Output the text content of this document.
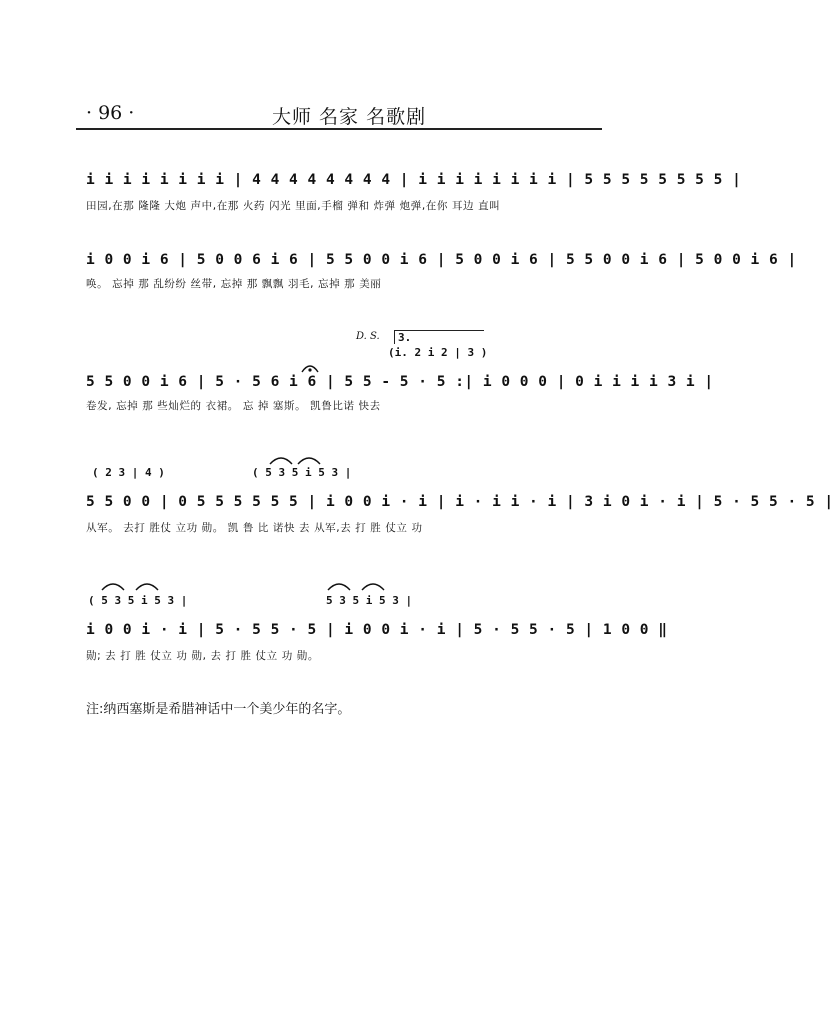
· 96 ·	大师 名家 名歌剧
i i i i i i i i | 4 4 4 4 4 4 4 4 | i i i i i i i i | 5 5 5 5 5 5 5 5 |
田园,在那 隆隆 大炮 声中,在那 火药 闪光 里面,手榴 弹和 炸弹 炮弹,在你 耳边 直叫
i 0 0 i 6 | 5 0 0 6 i 6 | 5 5 0 0 i 6 | 5 0 0 i 6 | 5 5 0 0 i 6 | 5 0 0 i 6 |
唤。 忘掉 那 乱纷纷 丝带, 忘掉 那 飘飘 羽毛, 忘掉 那 美丽
D. S.	3.
(i. 2 i 2 | 3 )
5 5 0 0 i 6 | 5 · 5 6 i 6 | 5 5 - 5 · 5 :| i 0 0 0 | 0 i i i i 3 i |
卷发, 忘掉 那 些灿烂的 衣裙。 忘 掉 塞斯。 凯鲁比诺 快去
( 2 3 | 4 )	( 5 3 5 i 5 3 |
5 5 0 0 | 0 5 5 5 5 5 5 | i 0 0 i · i | i · i i · i | 3 i 0 i · i | 5 · 5 5 · 5 |
从军。 去打 胜仗 立功 勋。 凯 鲁 比 诺快 去 从军,去 打 胜 仗立 功
( 5 3 5 i 5 3 |	5 3 5 i 5 3 |
i 0 0 i · i | 5 · 5 5 · 5 | i 0 0 i · i | 5 · 5 5 · 5 | 1 0 0 ‖
勋; 去 打 胜 仗立 功 勋, 去 打 胜 仗立 功 勋。
注:纳西塞斯是希腊神话中一个美少年的名字。
